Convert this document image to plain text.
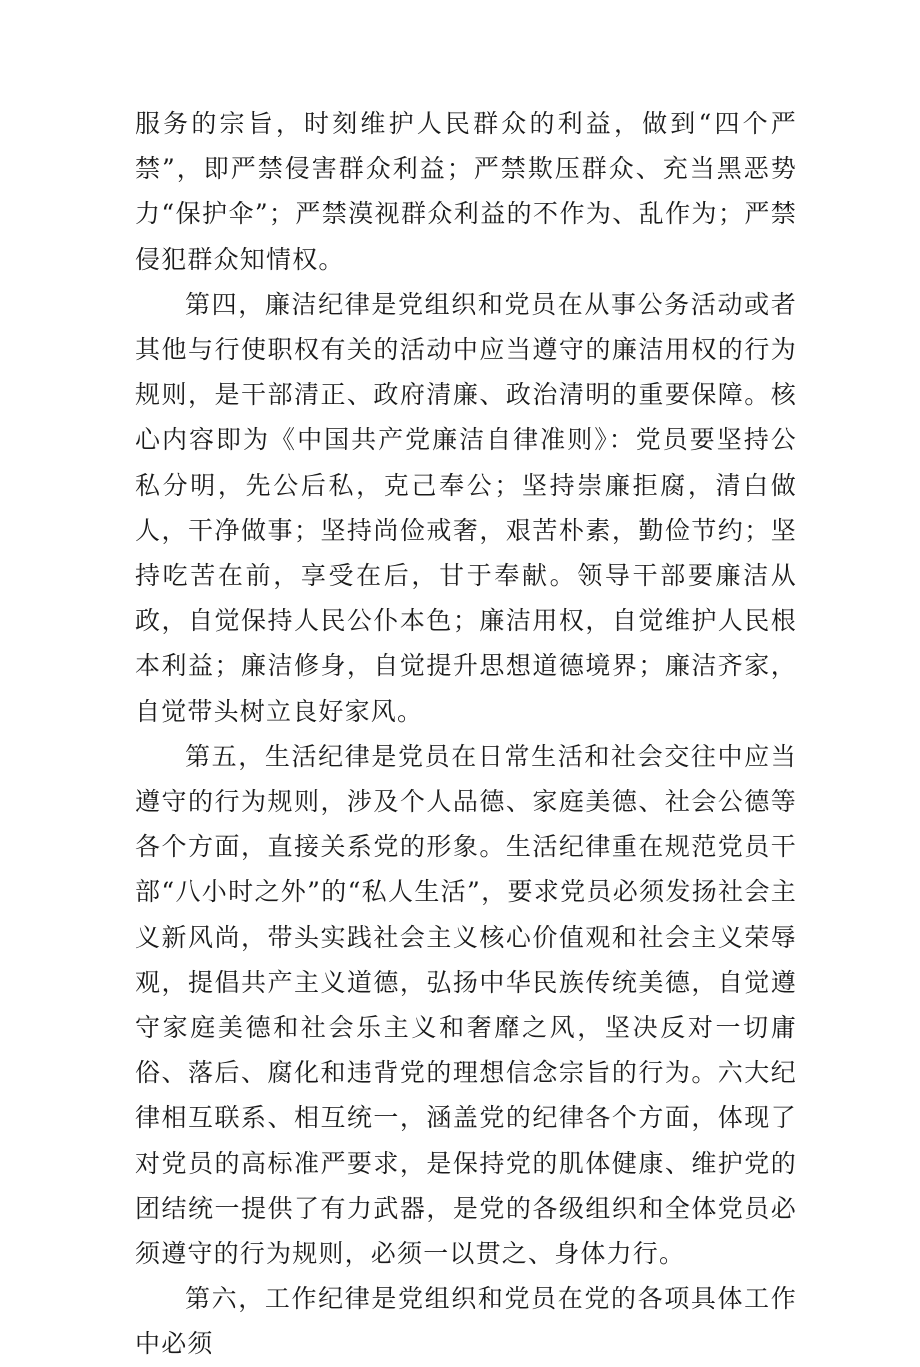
服务的宗旨，时刻维护人民群众的利益，做到“四个严禁”，即严禁侵害群众利益；严禁欺压群众、充当黑恶势力“保护伞”；严禁漠视群众利益的不作为、乱作为；严禁侵犯群众知情权。

第四，廉洁纪律是党组织和党员在从事公务活动或者其他与行使职权有关的活动中应当遵守的廉洁用权的行为规则，是干部清正、政府清廉、政治清明的重要保障。核心内容即为《中国共产党廉洁自律准则》：党员要坚持公私分明，先公后私，克己奉公；坚持崇廉拒腐，清白做人，干净做事；坚持尚俭戒奢，艰苦朴素，勤俭节约；坚持吃苦在前，享受在后，甘于奉献。领导干部要廉洁从政，自觉保持人民公仆本色；廉洁用权，自觉维护人民根本利益；廉洁修身，自觉提升思想道德境界；廉洁齐家，自觉带头树立良好家风。

第五，生活纪律是党员在日常生活和社会交往中应当遵守的行为规则，涉及个人品德、家庭美德、社会公德等各个方面，直接关系党的形象。生活纪律重在规范党员干部“八小时之外”的“私人生活”，要求党员必须发扬社会主义新风尚，带头实践社会主义核心价值观和社会主义荣辱观，提倡共产主义道德，弘扬中华民族传统美德，自觉遵守家庭美德和社会乐主义和奢靡之风，坚决反对一切庸俗、落后、腐化和违背党的理想信念宗旨的行为。六大纪律相互联系、相互统一，涵盖党的纪律各个方面，体现了对党员的高标准严要求，是保持党的肌体健康、维护党的团结统一提供了有力武器，是党的各级组织和全体党员必须遵守的行为规则，必须一以贯之、身体力行。

第六，工作纪律是党组织和党员在党的各项具体工作中必须
